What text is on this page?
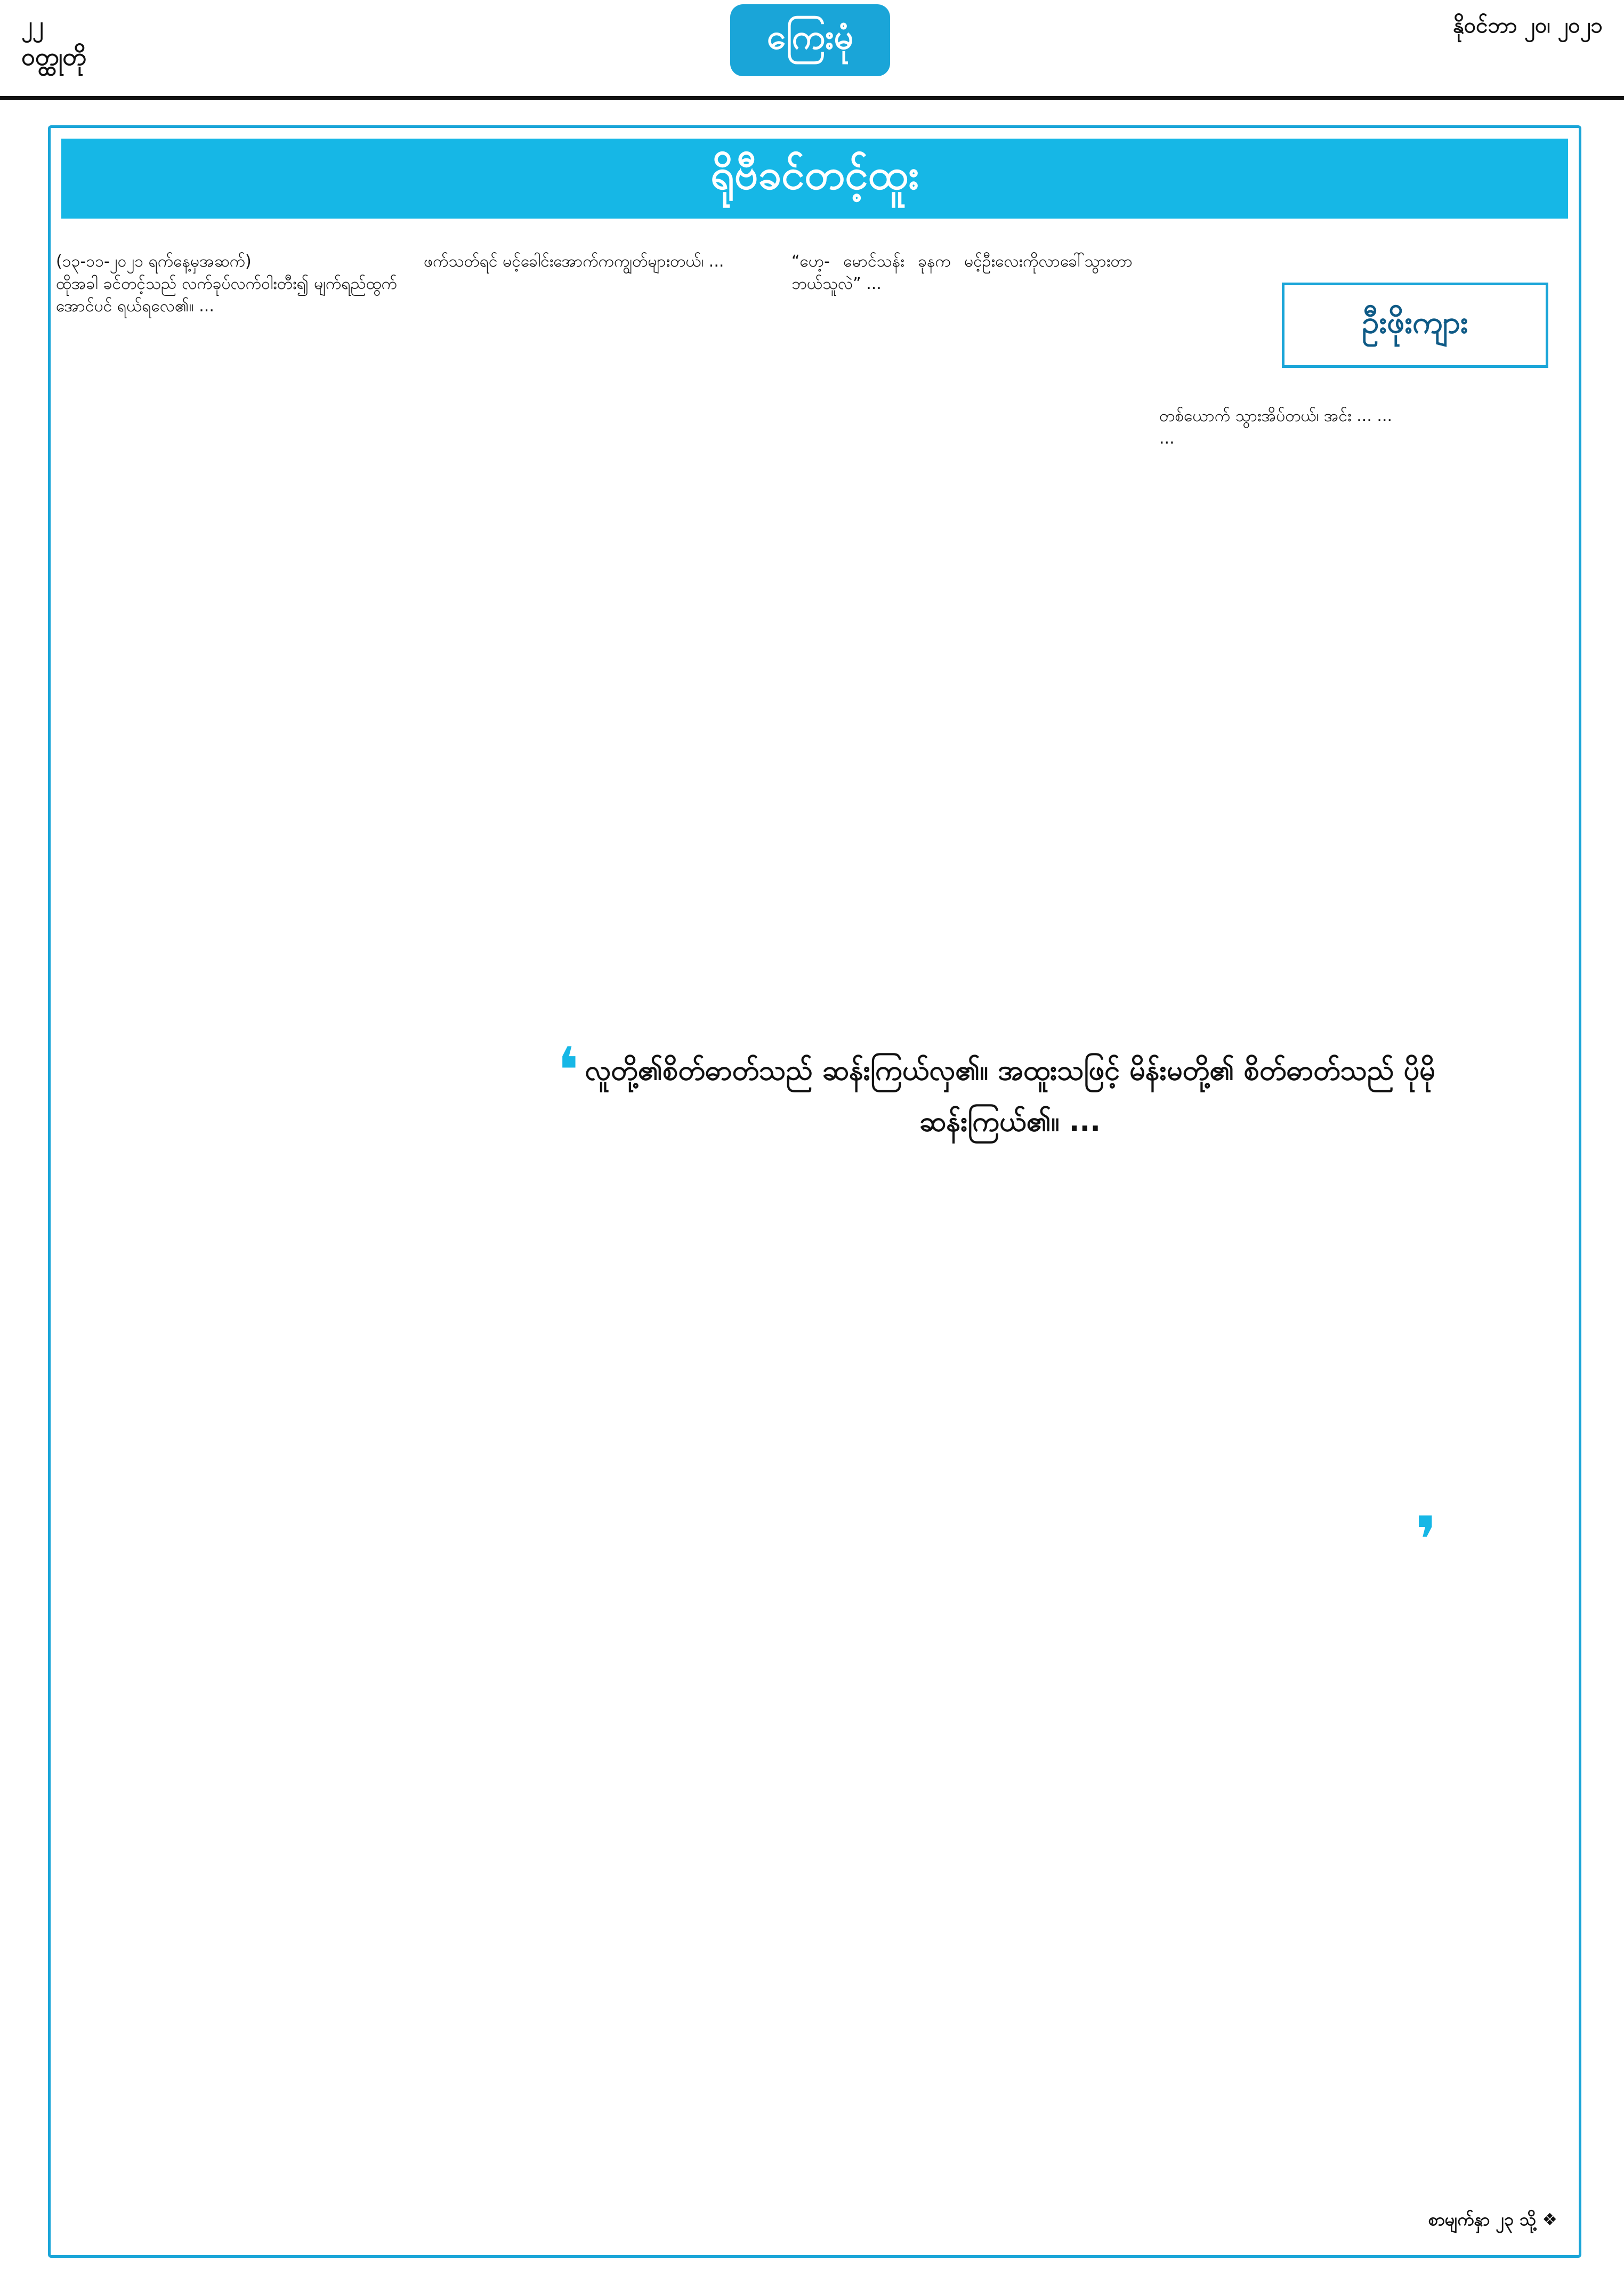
၂၂
ဝတ္ထုတို	ကြေးမုံ	နိုဝင်ဘာ ၂၀၊ ၂၀၂၁
ရိုဗီခင်တင့်ထူး
ဦးဖိုးကျား
(၁၃-၁၁-၂၀၂၁ ရက်နေ့မှအဆက်)
ထိုအခါ ခင်တင့်သည် လက်ခုပ်လက်ဝါးတီး၍ မျက်ရည်ထွက်အောင်ပင် ရယ်ရလေ၏။ ...
ဖက်သတ်ရင် မင့်ခေါင်းအောက်ကကျွတ်များတယ်၊ ...	“ဟေ့- မောင်သန်း ခုနက မင့်ဦးလေးကိုလာခေါ်သွားတာဘယ်သူလဲ” ...
တစ်ယောက် သွားအိပ်တယ်၊ အင်း ... ...
...
❛ လူတို့၏စိတ်ဓာတ်သည် ဆန်းကြယ်လှ၏။ အထူးသဖြင့် မိန်းမတို့၏ စိတ်ဓာတ်သည် ပိုမိုဆန်းကြယ်၏။ ...
❜
စာမျက်နှာ ၂၃ သို့ ❖
